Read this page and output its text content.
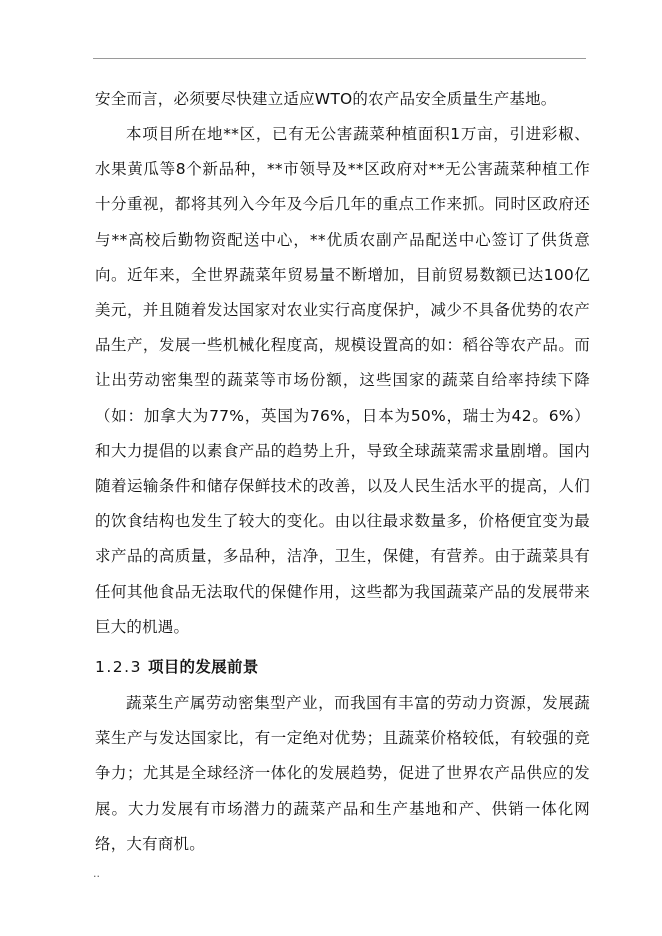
安全而言，必须要尽快建立适应WTO的农产品安全质量生产基地。

本项目所在地**区，已有无公害蔬菜种植面积1万亩，引进彩椒、水果黄瓜等8个新品种，**市领导及**区政府对**无公害蔬菜种植工作十分重视，都将其列入今年及今后几年的重点工作来抓。同时区政府还与**高校后勤物资配送中心，**优质农副产品配送中心签订了供货意向。近年来，全世界蔬菜年贸易量不断增加，目前贸易数额已达100亿美元，并且随着发达国家对农业实行高度保护，减少不具备优势的农产品生产，发展一些机械化程度高，规模设置高的如：稻谷等农产品。而让出劳动密集型的蔬菜等市场份额，这些国家的蔬菜自给率持续下降（如：加拿大为77%，英国为76%，日本为50%，瑞士为42。6%）和大力提倡的以素食产品的趋势上升，导致全球蔬菜需求量剧增。国内随着运输条件和储存保鲜技术的改善，以及人民生活水平的提高，人们的饮食结构也发生了较大的变化。由以往最求数量多，价格便宜变为最求产品的高质量，多品种，洁净，卫生，保健，有营养。由于蔬菜具有任何其他食品无法取代的保健作用，这些都为我国蔬菜产品的发展带来巨大的机遇。

1.2.3 项目的发展前景

蔬菜生产属劳动密集型产业，而我国有丰富的劳动力资源，发展蔬菜生产与发达国家比，有一定绝对优势；且蔬菜价格较低，有较强的竞争力；尤其是全球经济一体化的发展趋势，促进了世界农产品供应的发展。大力发展有市场潜力的蔬菜产品和生产基地和产、供销一体化网络，大有商机。

..
